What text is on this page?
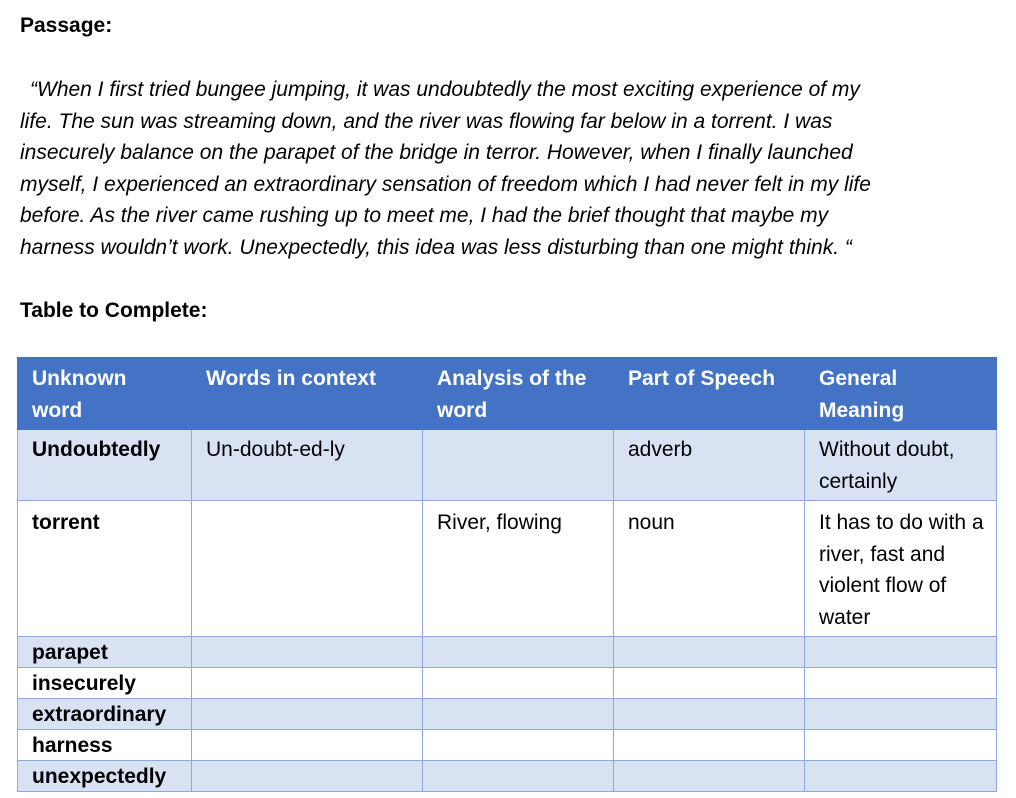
Passage:

“When I first tried bungee jumping, it was undoubtedly the most exciting experience of my
life. The sun was streaming down, and the river was flowing far below in a torrent. I was
insecurely balance on the parapet of the bridge in terror. However, when I finally launched
myself, I experienced an extraordinary sensation of freedom which I had never felt in my life
before. As the river came rushing up to meet me, I had the brief thought that maybe my
harness wouldn’t work. Unexpectedly, this idea was less disturbing than one might think. “

Table to Complete:
Unknown word	Words in context	Analysis of the word	Part of Speech	General Meaning
Undoubtedly	Un-doubt-ed-ly		adverb	Without doubt, certainly
torrent		River, flowing	noun	It has to do with a river, fast and violent flow of water
parapet				
insecurely				
extraordinary				
harness				
unexpectedly				
